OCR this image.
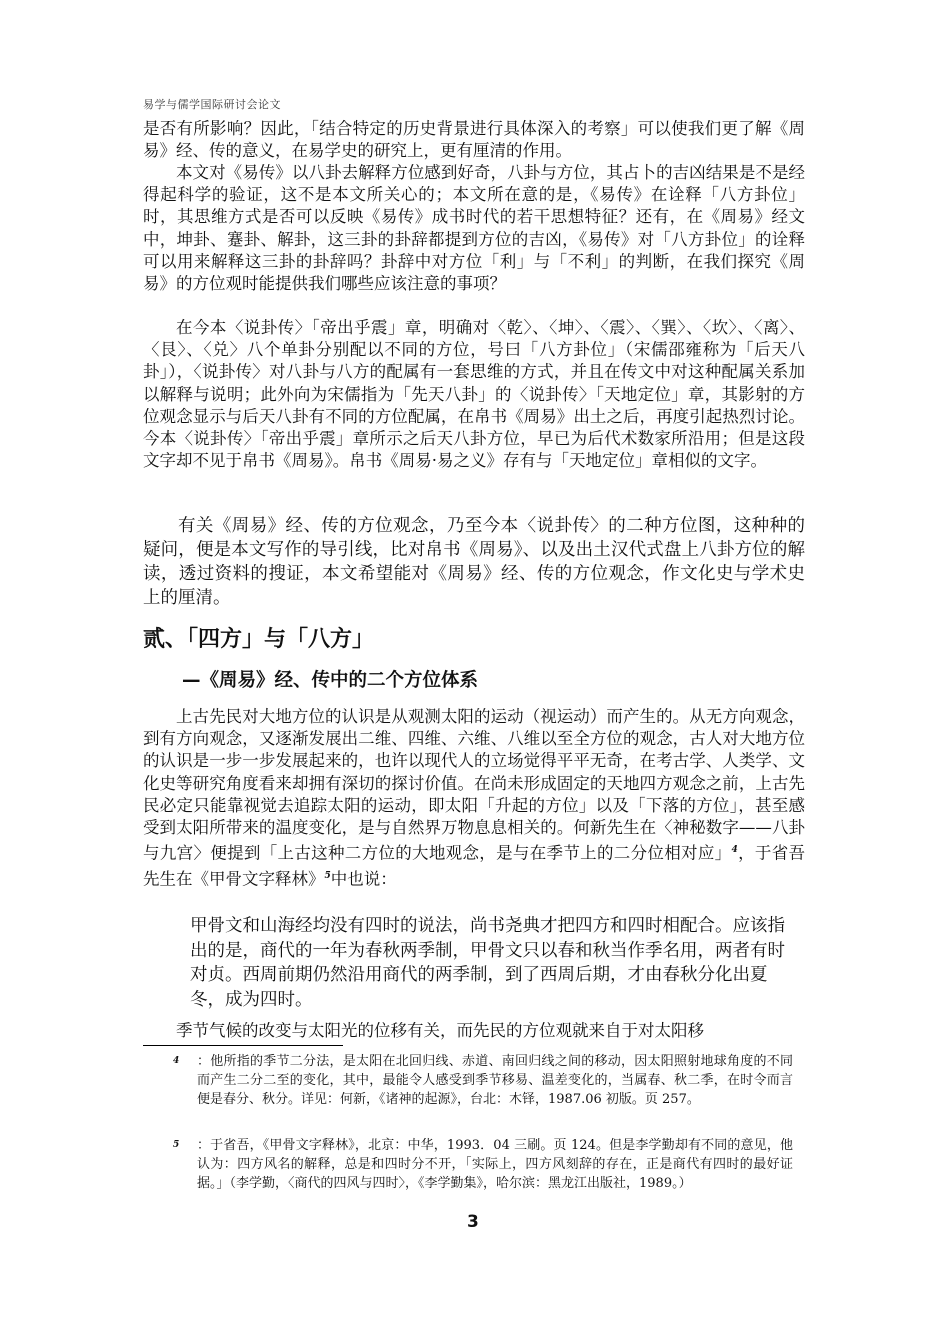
易学与儒学国际研讨会论文

是否有所影响？因此，「结合特定的历史背景进行具体深入的考察」可以使我们更了解《周易》经、传的意义，在易学史的研究上，更有厘清的作用。

本文对《易传》以八卦去解释方位感到好奇，八卦与方位，其占卜的吉凶结果是不是经得起科学的验证，这不是本文所关心的；本文所在意的是，《易传》在诠释「八方卦位」时，其思维方式是否可以反映《易传》成书时代的若干思想特征？还有，在《周易》经文中，坤卦、蹇卦、解卦，这三卦的卦辞都提到方位的吉凶，《易传》对「八方卦位」的诠释可以用来解释这三卦的卦辞吗？卦辞中对方位「利」与「不利」的判断，在我们探究《周易》的方位观时能提供我们哪些应该注意的事项？

在今本〈说卦传〉「帝出乎震」章，明确对〈乾〉、〈坤〉、〈震〉、〈巽〉、〈坎〉、〈离〉、〈艮〉、〈兑〉八个单卦分别配以不同的方位，号曰「八方卦位」（宋儒邵雍称为「后天八卦」），〈说卦传〉对八卦与八方的配属有一套思维的方式，并且在传文中对这种配属关系加以解释与说明；此外向为宋儒指为「先天八卦」的〈说卦传〉「天地定位」章，其影射的方位观念显示与后天八卦有不同的方位配属，在帛书《周易》出土之后，再度引起热烈讨论。今本〈说卦传〉「帝出乎震」章所示之后天八卦方位，早已为后代术数家所沿用；但是这段文字却不见于帛书《周易》。帛书《周易·易之义》存有与「天地定位」章相似的文字。

有关《周易》经、传的方位观念，乃至今本〈说卦传〉的二种方位图，这种种的疑问，便是本文写作的导引线，比对帛书《周易》、以及出土汉代式盘上八卦方位的解读，透过资料的搜证，本文希望能对《周易》经、传的方位观念，作文化史与学术史上的厘清。

贰、「四方」与「八方」
—《周易》经、传中的二个方位体系

上古先民对大地方位的认识是从观测太阳的运动（视运动）而产生的。从无方向观念，到有方向观念，又逐渐发展出二维、四维、六维、八维以至全方位的观念，古人对大地方位的认识是一步一步发展起来的，也许以现代人的立场觉得平平无奇，在考古学、人类学、文化史等研究角度看来却拥有深切的探讨价值。在尚未形成固定的天地四方观念之前，上古先民必定只能靠视觉去追踪太阳的运动，即太阳「升起的方位」以及「下落的方位」，甚至感受到太阳所带来的温度变化，是与自然界万物息息相关的。何新先生在〈神秘数字——八卦与九宫〉便提到「上古这种二方位的大地观念，是与在季节上的二分位相对应」$^4$，于省吾先生在《甲骨文字释林》$^5$中也说：

甲骨文和山海经均没有四时的说法，尚书尧典才把四方和四时相配合。应该指出的是，商代的一年为春秋两季制，甲骨文只以春和秋当作季名用，两者有时对贞。西周前期仍然沿用商代的两季制，到了西周后期，才由春秋分化出夏冬，成为四时。

季节气候的改变与太阳光的位移有关，而先民的方位观就来自于对太阳移

4 ：他所指的季节二分法，是太阳在北回归线、赤道、南回归线之间的移动，因太阳照射地球角度的不同而产生二分二至的变化，其中，最能令人感受到季节移易、温差变化的，当属春、秋二季，在时令而言便是春分、秋分。详见：何新，《诸神的起源》，台北：木铎，1987.06 初版。页 257。
5 ：于省吾，《甲骨文字释林》，北京：中华，1993．04 三刷。页 124。但是李学勤却有不同的意见，他认为：四方风名的解释，总是和四时分不开，「实际上，四方风刻辞的存在，正是商代有四时的最好证据。」（李学勤，〈商代的四风与四时〉，《李学勤集》，哈尔滨：黑龙江出版社，1989。）
3
